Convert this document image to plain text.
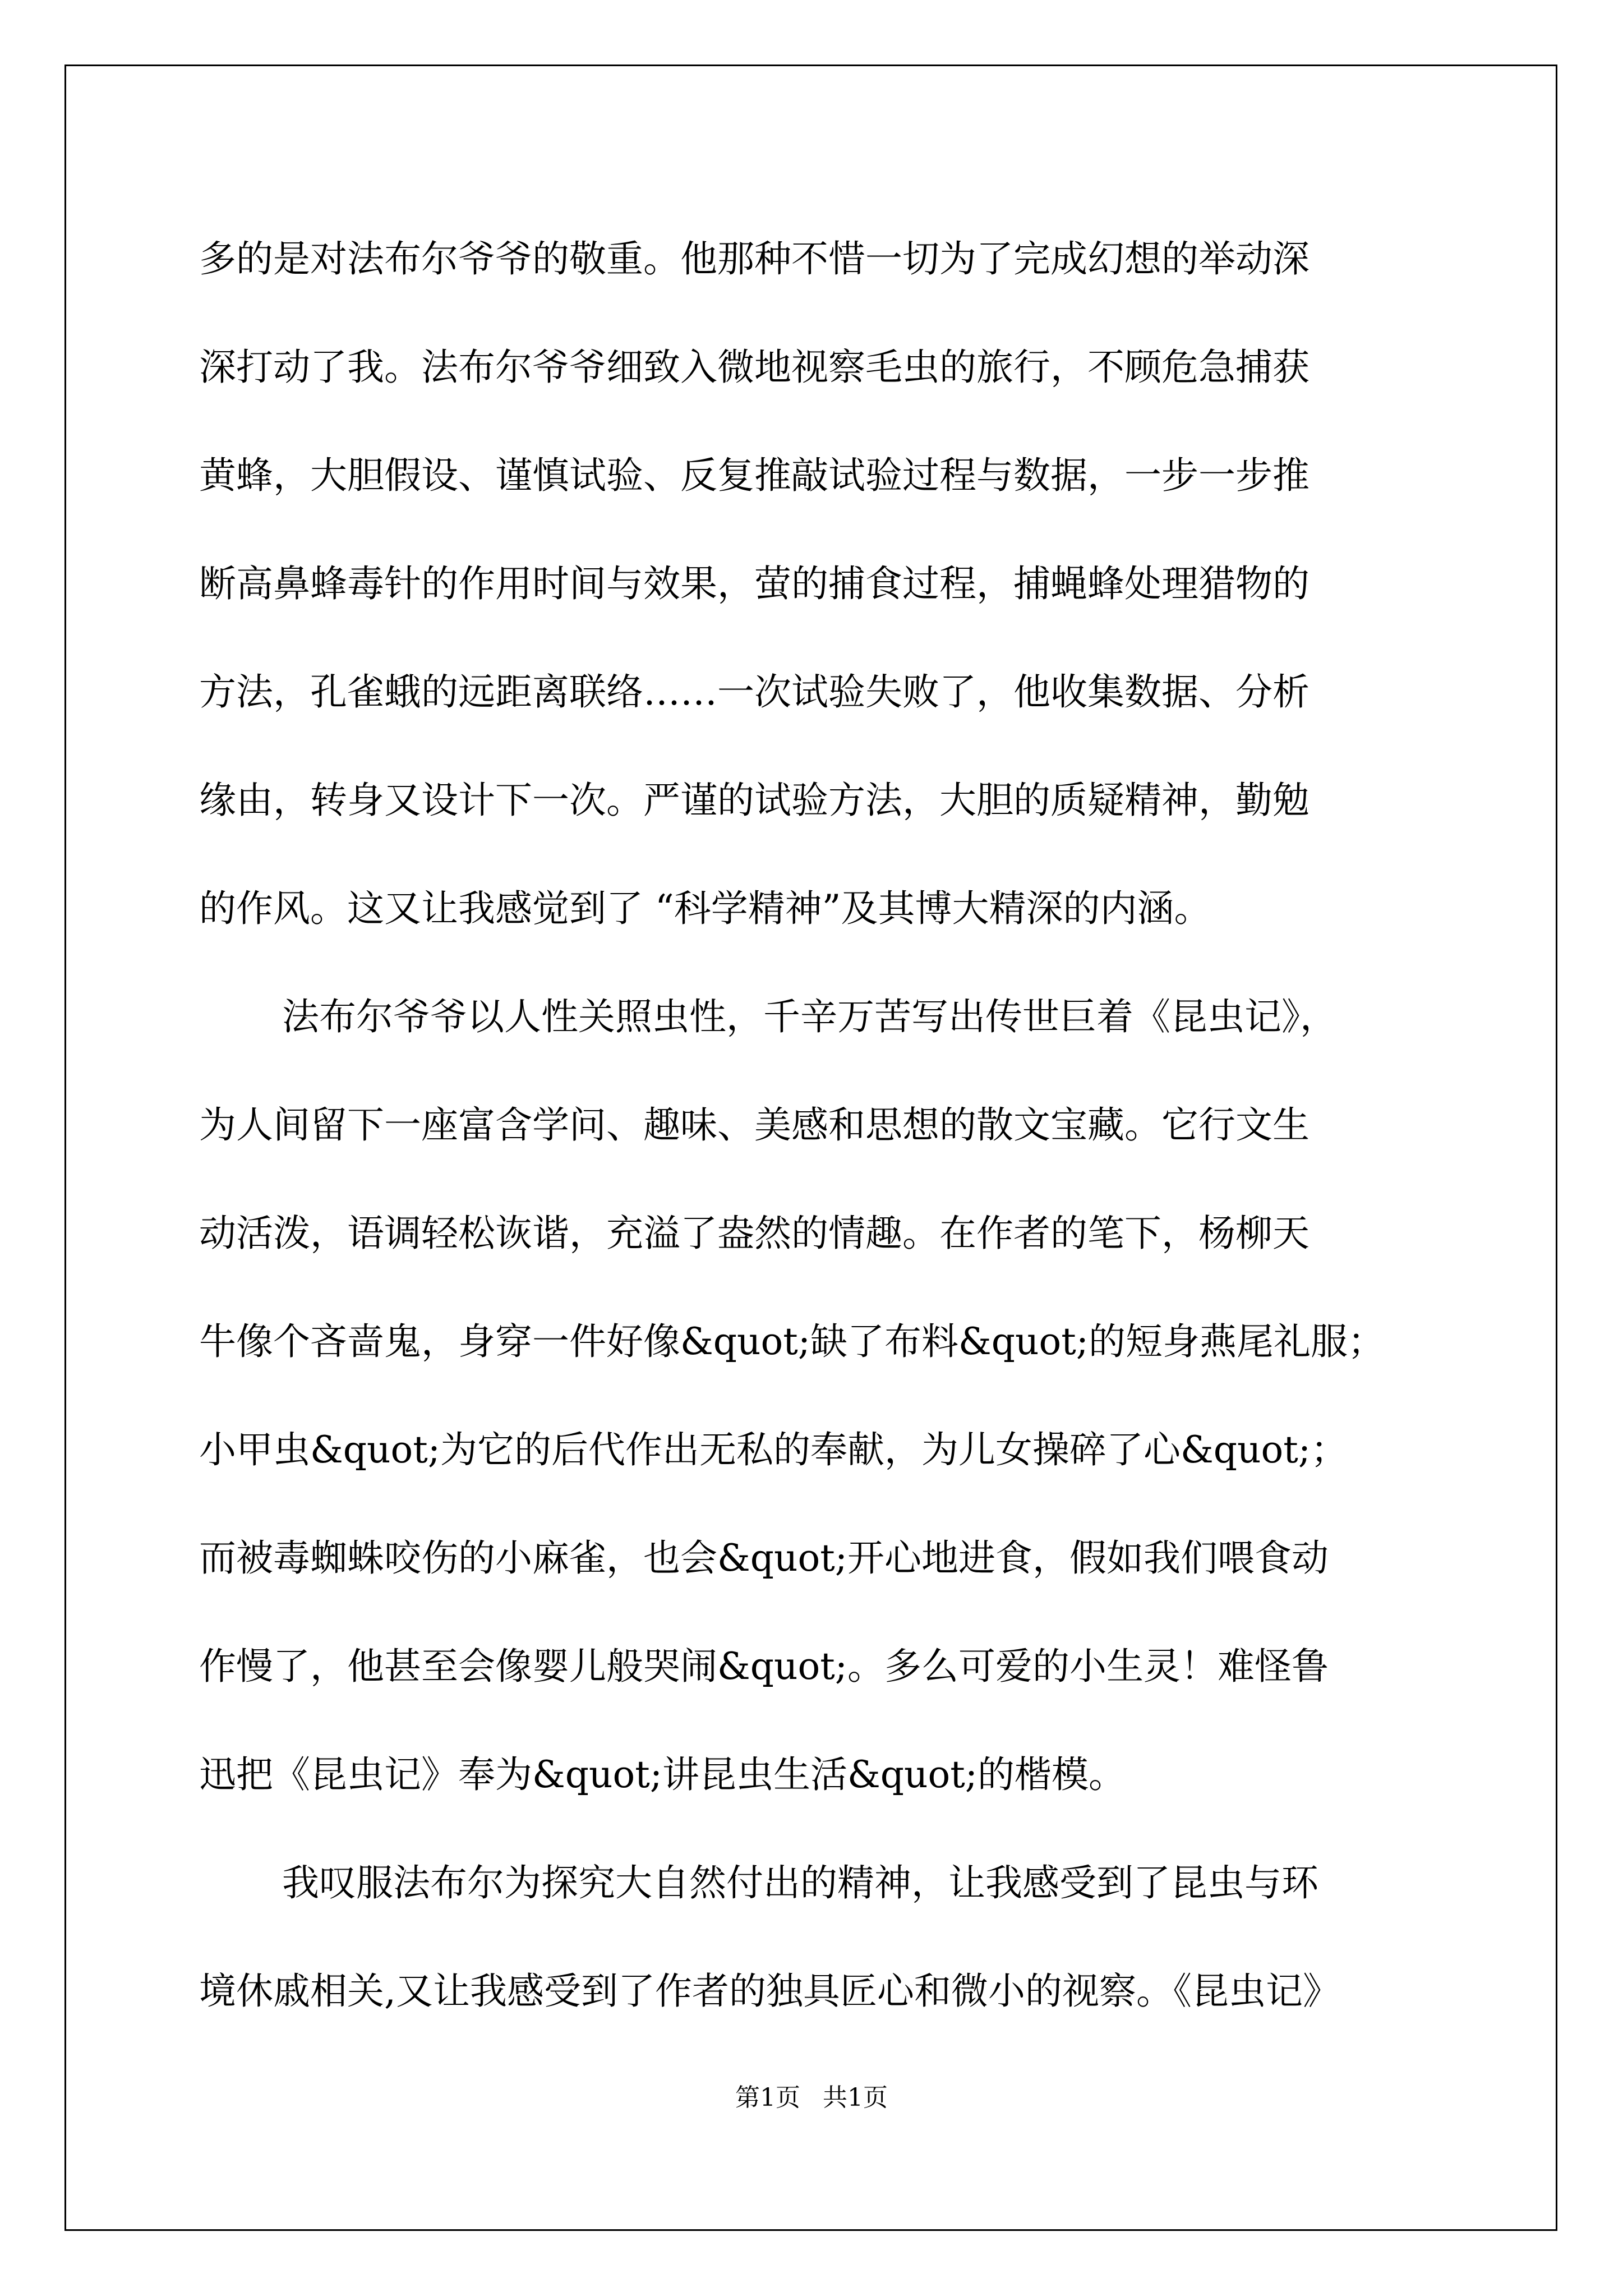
多的是对法布尔爷爷的敬重。他那种不惜一切为了完成幻想的举动深
深打动了我。法布尔爷爷细致入微地视察毛虫的旅行，不顾危急捕获
黄蜂，大胆假设、谨慎试验、反复推敲试验过程与数据，一步一步推
断高鼻蜂毒针的作用时间与效果，萤的捕食过程，捕蝇蜂处理猎物的
方法，孔雀蛾的远距离联络……一次试验失败了，他收集数据、分析
缘由，转身又设计下一次。严谨的试验方法，大胆的质疑精神，勤勉
的作风。这又让我感觉到了 “科学精神”及其博大精深的内涵。
法布尔爷爷以人性关照虫性，千辛万苦写出传世巨着《昆虫记》，
为人间留下一座富含学问、趣味、美感和思想的散文宝藏。它行文生
动活泼，语调轻松诙谐，充溢了盎然的情趣。在作者的笔下，杨柳天
牛像个吝啬鬼，身穿一件好像&quot;缺了布料&quot;的短身燕尾礼服；
小甲虫&quot;为它的后代作出无私的奉献，为儿女操碎了心&quot;；
而被毒蜘蛛咬伤的小麻雀，也会&quot;开心地进食，假如我们喂食动
作慢了，他甚至会像婴儿般哭闹&quot;。多么可爱的小生灵！难怪鲁
迅把《昆虫记》奉为&quot;讲昆虫生活&quot;的楷模。
我叹服法布尔为探究大自然付出的精神，让我感受到了昆虫与环
境休戚相关,又让我感受到了作者的独具匠心和微小的视察。《昆虫记》
第1页 共1页
